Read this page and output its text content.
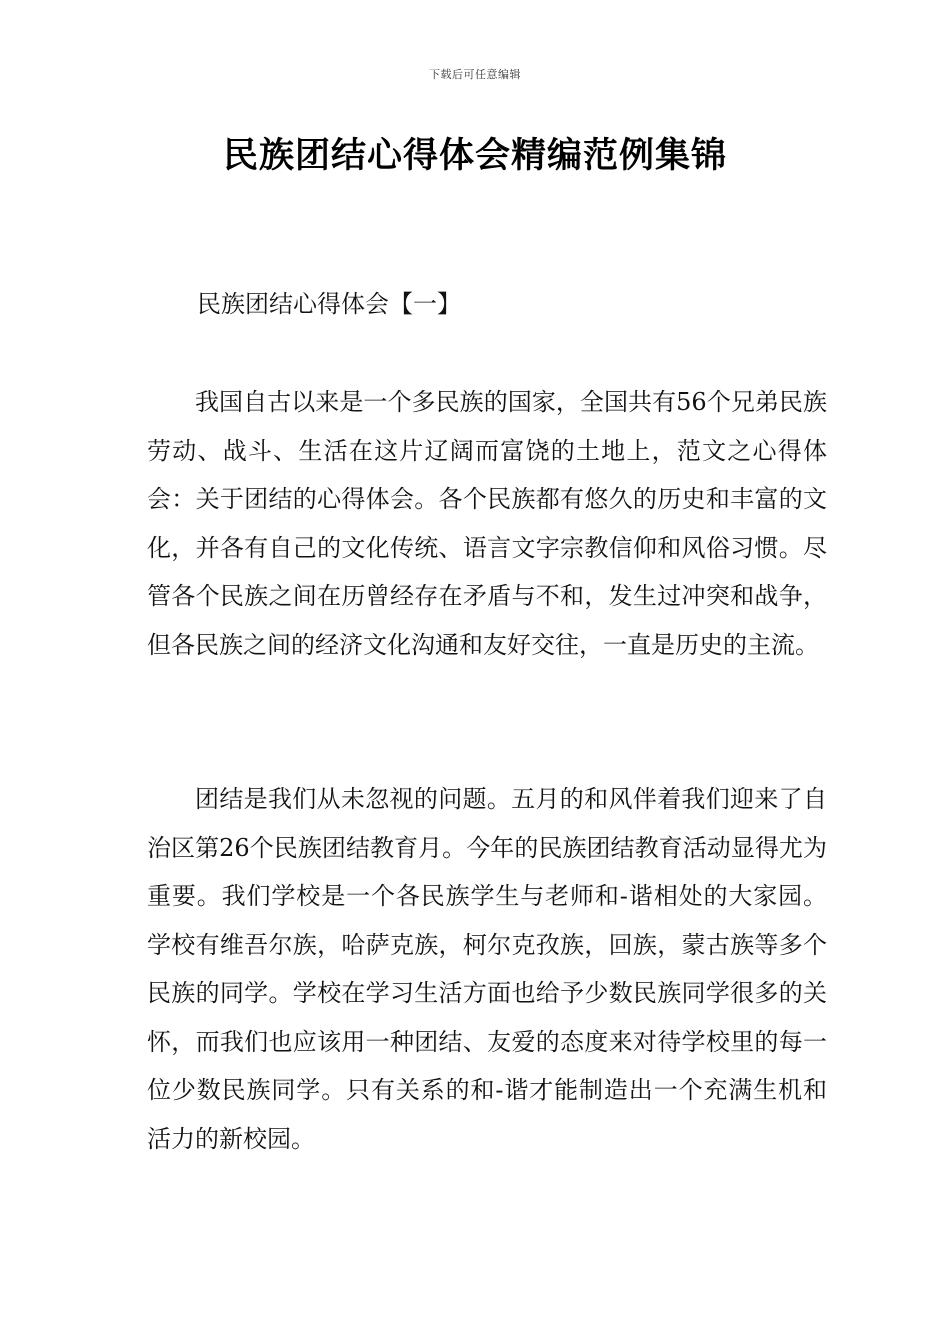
下载后可任意编辑
民族团结心得体会精编范例集锦
民族团结心得体会【一】

我国自古以来是一个多民族的国家，全国共有56个兄弟民族劳动、战斗、生活在这片辽阔而富饶的土地上，范文之心得体会：关于团结的心得体会。各个民族都有悠久的历史和丰富的文化，并各有自己的文化传统、语言文字宗教信仰和风俗习惯。尽管各个民族之间在历曾经存在矛盾与不和，发生过冲突和战争，但各民族之间的经济文化沟通和友好交往，一直是历史的主流。

团结是我们从未忽视的问题。五月的和风伴着我们迎来了自治区第26个民族团结教育月。今年的民族团结教育活动显得尤为重要。我们学校是一个各民族学生与老师和-谐相处的大家园。学校有维吾尔族，哈萨克族，柯尔克孜族，回族，蒙古族等多个民族的同学。学校在学习生活方面也给予少数民族同学很多的关怀，而我们也应该用一种团结、友爱的态度来对待学校里的每一位少数民族同学。只有关系的和-谐才能制造出一个充满生机和活力的新校园。
